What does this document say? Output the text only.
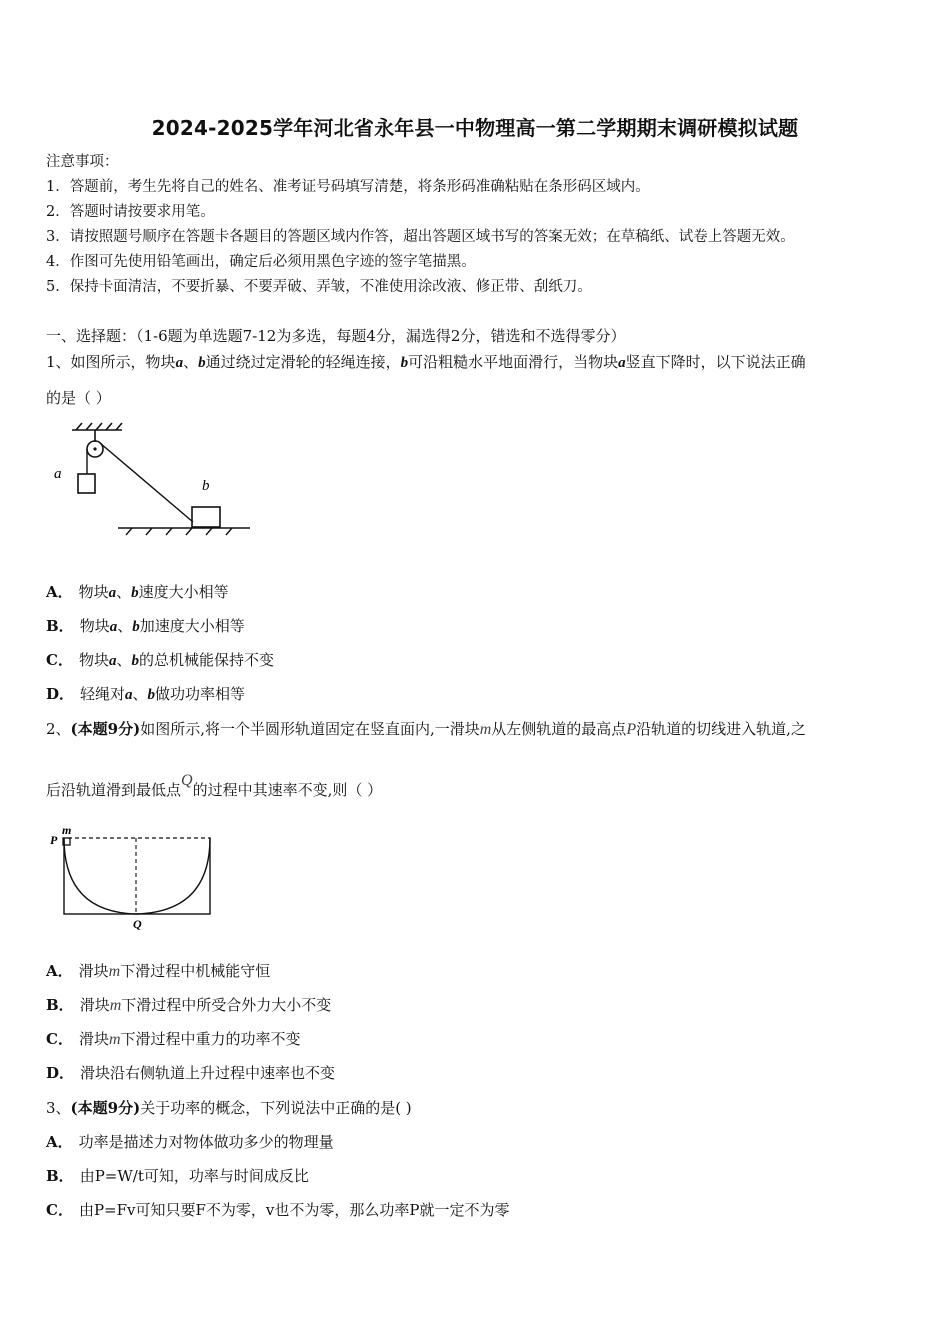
2024-2025学年河北省永年县一中物理高一第二学期期末调研模拟试题
注意事项：
1．答题前，考生先将自己的姓名、准考证号码填写清楚，将条形码准确粘贴在条形码区域内。
2．答题时请按要求用笔。
3．请按照题号顺序在答题卡各题目的答题区域内作答，超出答题区域书写的答案无效；在草稿纸、试卷上答题无效。
4．作图可先使用铅笔画出，确定后必须用黑色字迹的签字笔描黑。
5．保持卡面清洁，不要折暴、不要弄破、弄皱，不准使用涂改液、修正带、刮纸刀。
一、选择题：（1-6题为单选题7-12为多选，每题4分，漏选得2分，错选和不选得零分）
1、如图所示，物块a、b通过绕过定滑轮的轻绳连接，b可沿粗糙水平地面滑行，当物块a竖直下降时，以下说法正确
的是（ ）
a
b
A． 物块a、b速度大小相等
B． 物块a、b加速度大小相等
C． 物块a、b的总机械能保持不变
D． 轻绳对a、b做功功率相等
2、(本题9分)如图所示,将一个半圆形轨道固定在竖直面内,一滑块m从左侧轨道的最高点P沿轨道的切线进入轨道,之
后沿轨道滑到最低点Q的过程中其速率不变,则（ ）
m
P
Q
A． 滑块m下滑过程中机械能守恒
B． 滑块m下滑过程中所受合外力大小不变
C． 滑块m下滑过程中重力的功率不变
D． 滑块沿右侧轨道上升过程中速率也不变
3、(本题9分)关于功率的概念，下列说法中正确的是( )
A． 功率是描述力对物体做功多少的物理量
B． 由P=W/t可知，功率与时间成反比
C． 由P=Fv可知只要F不为零，v也不为零，那么功率P就一定不为零
